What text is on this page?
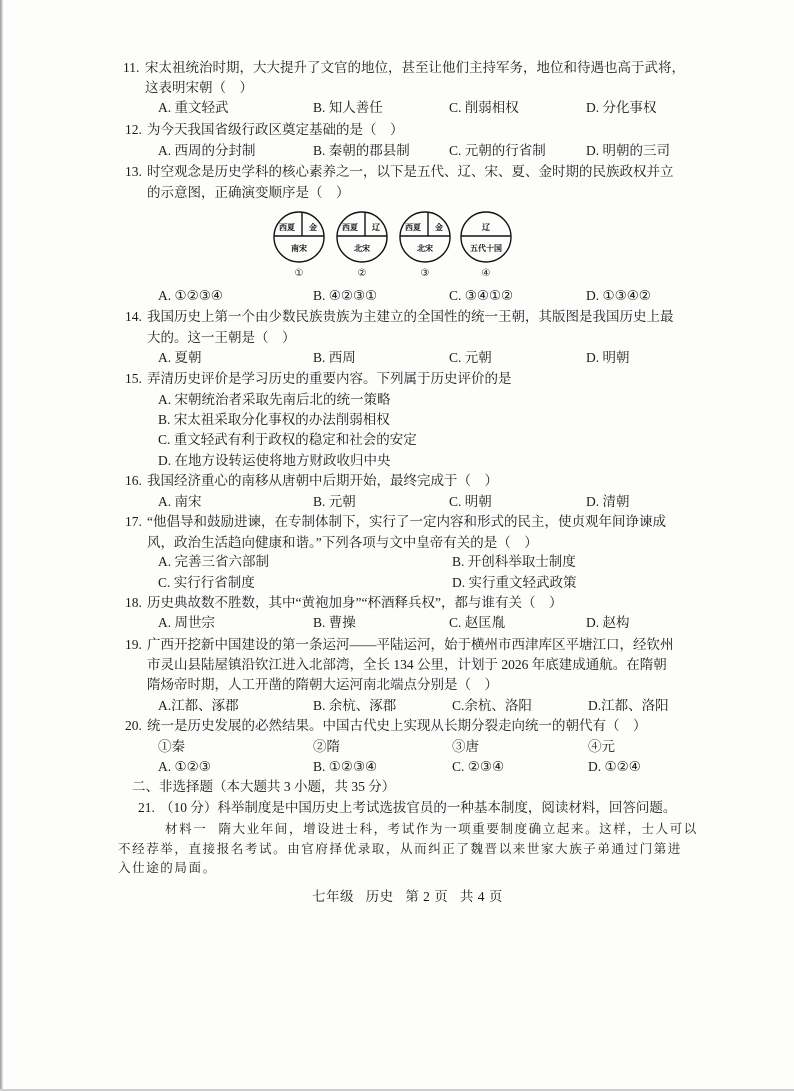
11. 宋太祖统治时期，大大提升了文官的地位，甚至让他们主持军务，地位和待遇也高于武将，
这表明宋朝（    ）
A. 重文轻武	B. 知人善任	C. 削弱相权	D. 分化事权
12. 为今天我国省级行政区奠定基础的是（    ）
A. 西周的分封制	B. 秦朝的郡县制	C. 元朝的行省制	D. 明朝的三司
13. 时空观念是历史学科的核心素养之一，以下是五代、辽、宋、夏、金时期的民族政权并立
的示意图，正确演变顺序是（    ）
西夏 金
南宋
①
西夏 辽
北宋
②
西夏 金
北宋
③
辽
五代十国
④
A. ①②③④	B. ④②③①	C. ③④①②	D. ①③④②
14. 我国历史上第一个由少数民族贵族为主建立的全国性的统一王朝，其版图是我国历史上最
大的。这一王朝是（    ）
A. 夏朝	B. 西周	C. 元朝	D. 明朝
15. 弄清历史评价是学习历史的重要内容。下列属于历史评价的是
A. 宋朝统治者采取先南后北的统一策略
B. 宋太祖采取分化事权的办法削弱相权
C. 重文轻武有利于政权的稳定和社会的安定
D. 在地方设转运使将地方财政收归中央
16. 我国经济重心的南移从唐朝中后期开始，最终完成于（    ）
A. 南宋	B. 元朝	C. 明朝	D. 清朝
17. “他倡导和鼓励进谏，在专制体制下，实行了一定内容和形式的民主，使贞观年间诤谏成
风，政治生活趋向健康和谐。”下列各项与文中皇帝有关的是（    ）
A. 完善三省六部制	B. 开创科举取士制度
C. 实行行省制度	D. 实行重文轻武政策
18. 历史典故数不胜数，其中“黄袍加身”“杯酒释兵权”，都与谁有关（    ）
A. 周世宗	B. 曹操	C. 赵匡胤	D. 赵构
19. 广西开挖新中国建设的第一条运河——平陆运河，始于横州市西津库区平塘江口，经钦州
市灵山县陆屋镇沿钦江进入北部湾，全长 134 公里，计划于 2026 年底建成通航。在隋朝
隋炀帝时期，人工开凿的隋朝大运河南北端点分别是（    ）
A.江都、涿郡	B. 余杭、涿郡	C.余杭、洛阳	D.江都、洛阳
20. 统一是历史发展的必然结果。中国古代史上实现从长期分裂走向统一的朝代有（    ）
①秦	②隋	③唐	④元
A. ①②③	B. ①②③④	C. ②③④	D. ①②④
二、非选择题（本大题共 3 小题，共 35 分）
21. （10 分）科举制度是中国历史上考试选拔官员的一种基本制度，阅读材料，回答问题。
材料一 隋大业年间，增设进士科，考试作为一项重要制度确立起来。这样，士人可以
不经荐举，直接报名考试。由官府择优录取，从而纠正了魏晋以来世家大族子弟通过门第进
入仕途的局面。
七年级   历史   第 2 页   共 4 页
